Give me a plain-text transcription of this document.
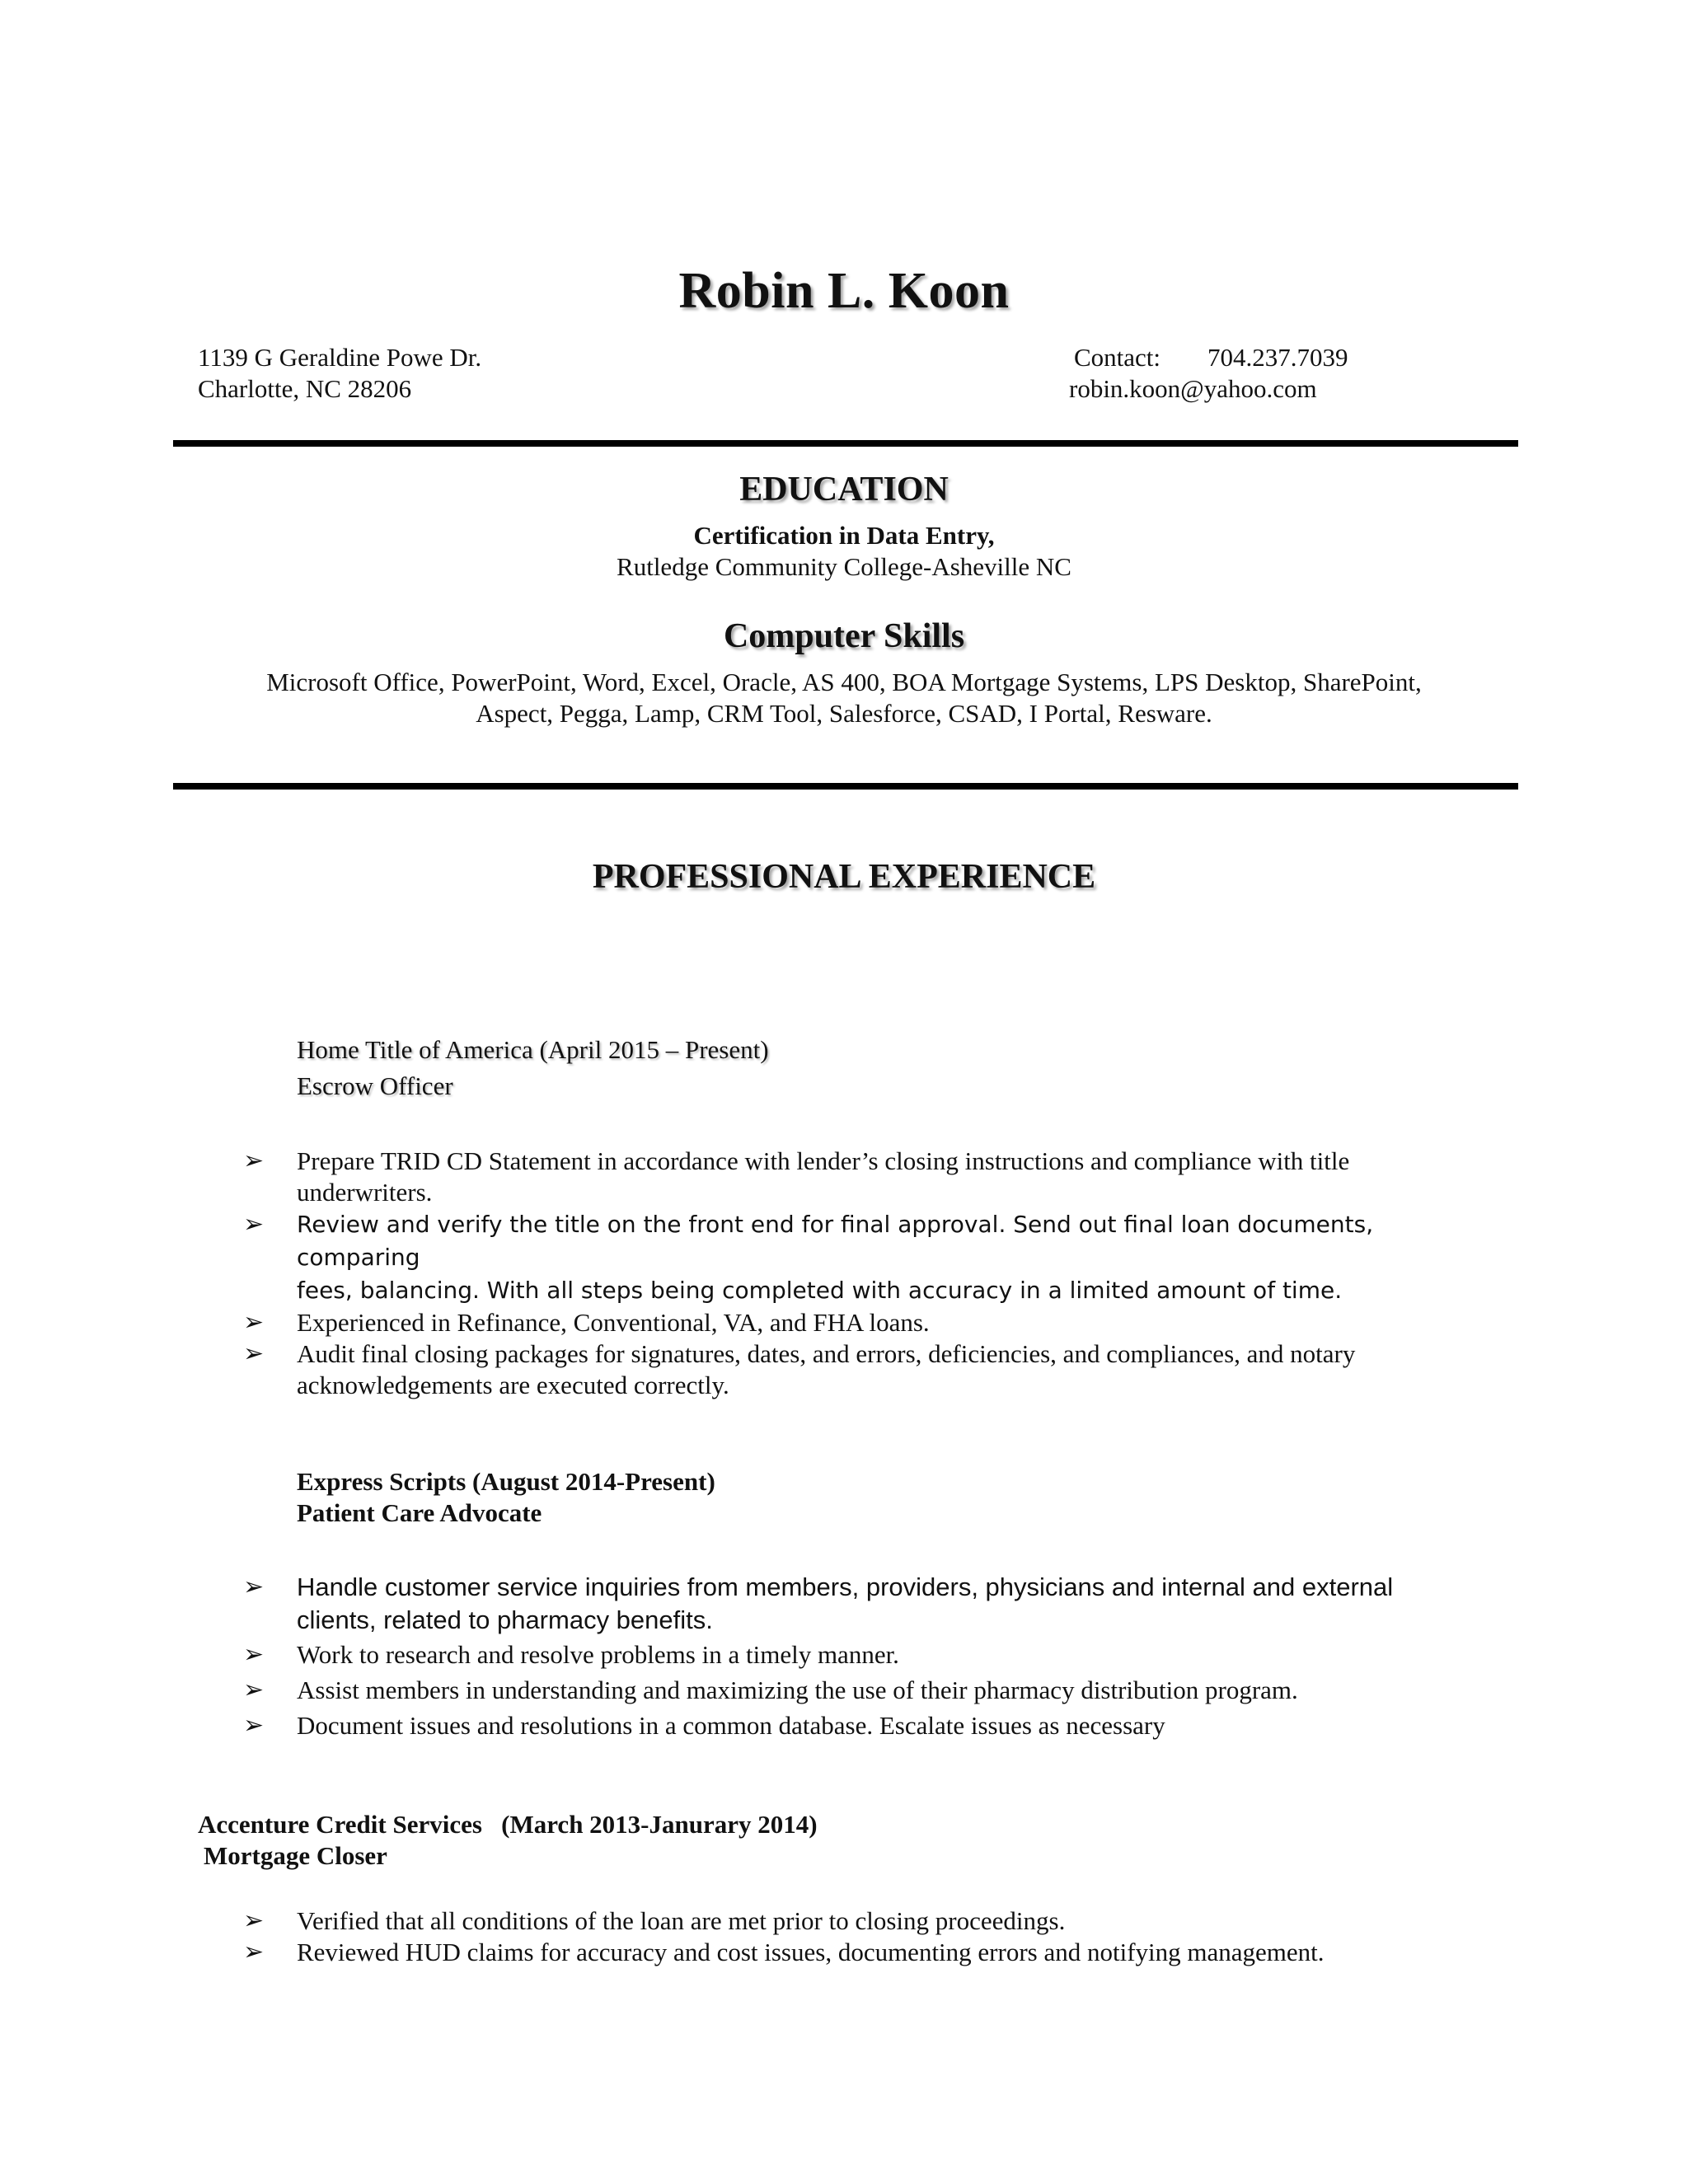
Robin L. Koon
1139 G Geraldine Powe Dr.
Charlotte, NC 28206
Contact: 704.237.7039
robin.koon@yahoo.com
EDUCATION
Certification in Data Entry,
Rutledge Community College-Asheville NC
Computer Skills
Microsoft Office, PowerPoint, Word, Excel, Oracle, AS 400, BOA Mortgage Systems, LPS Desktop, SharePoint,
Aspect, Pegga, Lamp, CRM Tool, Salesforce, CSAD, I Portal, Resware.
PROFESSIONAL EXPERIENCE
Home Title of America (April 2015 – Present)
Escrow Officer
➢ Prepare TRID CD Statement in accordance with lender’s closing instructions and compliance with title
underwriters.
➢ Review and verify the title on the front end for final approval. Send out final loan documents, comparing
fees, balancing. With all steps being completed with accuracy in a limited amount of time.
➢ Experienced in Refinance, Conventional, VA, and FHA loans.
➢ Audit final closing packages for signatures, dates, and errors, deficiencies, and compliances, and notary
acknowledgements are executed correctly.
Express Scripts (August 2014-Present)
Patient Care Advocate
➢ Handle customer service inquiries from members, providers, physicians and internal and external
clients, related to pharmacy benefits.
➢ Work to research and resolve problems in a timely manner.
➢ Assist members in understanding and maximizing the use of their pharmacy distribution program.
➢ Document issues and resolutions in a common database. Escalate issues as necessary
Accenture Credit Services   (March 2013-Janurary 2014)
Mortgage Closer
➢ Verified that all conditions of the loan are met prior to closing proceedings.
➢ Reviewed HUD claims for accuracy and cost issues, documenting errors and notifying management.
